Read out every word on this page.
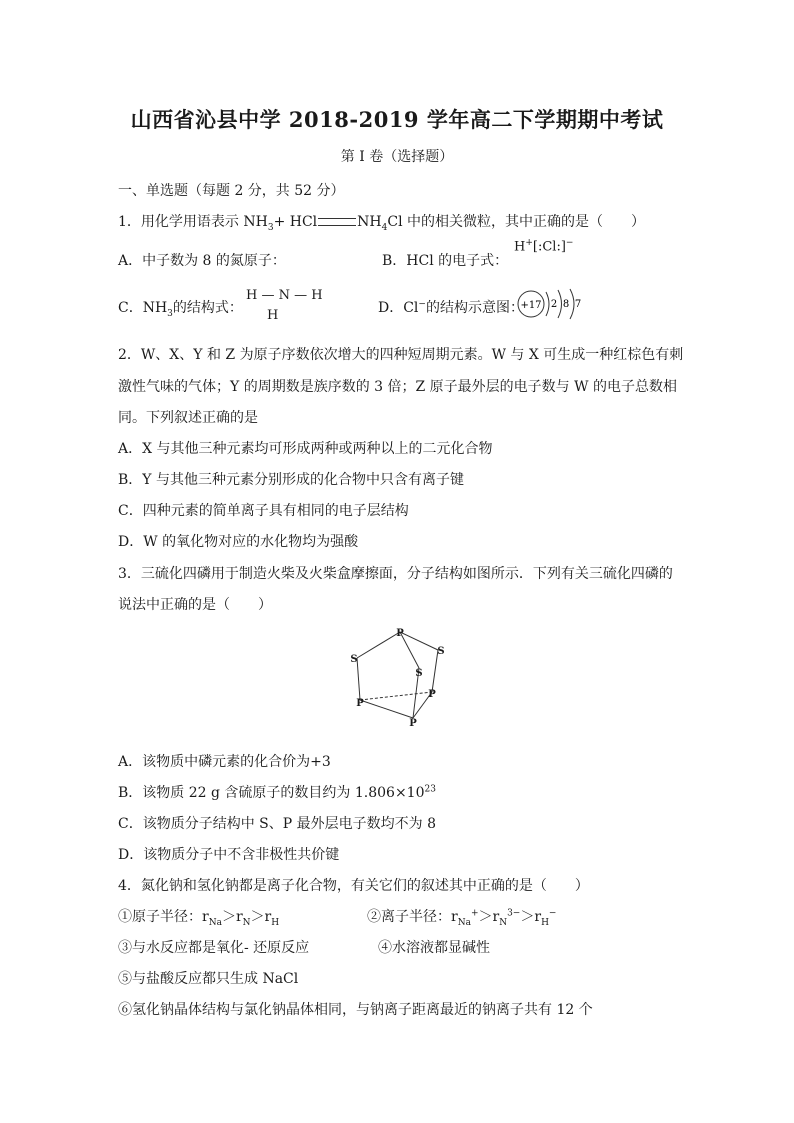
山西省沁县中学 2018-2019 学年高二下学期期中考试
第 I 卷（选择题）
一、单选题（每题 2 分，共 52 分）
1．用化学用语表示 $NH_3+$ HCl	$NH_4Cl$ 中的相关微粒，其中正确的是（　　）
A．中子数为 8 的氮原子：	B．HCl 的电子式：
H+[:Cl:]−
C．$NH_3$的结构式：
H — N — H
H	D．Cl−的结构示意图：
+17 2 8 7
2．W、X、Y 和 Z 为原子序数依次增大的四种短周期元素。W 与 X 可生成一种红棕色有刺
激性气味的气体；Y 的周期数是族序数的 3 倍；Z 原子最外层的电子数与 W 的电子总数相
同。下列叙述正确的是
A．X 与其他三种元素均可形成两种或两种以上的二元化合物
B．Y 与其他三种元素分别形成的化合物中只含有离子键
C．四种元素的简单离子具有相同的电子层结构
D．W 的氧化物对应的水化物均为强酸
3．三硫化四磷用于制造火柴及火柴盒摩擦面，分子结构如图所示．下列有关三硫化四磷的
说法中正确的是（　　）
P
S
S
S
P
P
P
A．该物质中磷元素的化合价为+3
B．该物质 22 g 含硫原子的数目约为 $1.806\times 10^{23}$
C．该物质分子结构中 S、P 最外层电子数均不为 8
D．该物质分子中不含非极性共价键
4．氮化钠和氢化钠都是离子化合物，有关它们的叙述其中正确的是（　　）
①原子半径：$r_{Na}>r_N>r_H$	②离子半径：$r_{Na}^+>r_N^{3-}>r_H^-$
③与水反应都是氧化- 还原反应	④水溶液都显碱性
⑤与盐酸反应都只生成 NaCl
⑥氢化钠晶体结构与氯化钠晶体相同，与钠离子距离最近的钠离子共有 12 个
